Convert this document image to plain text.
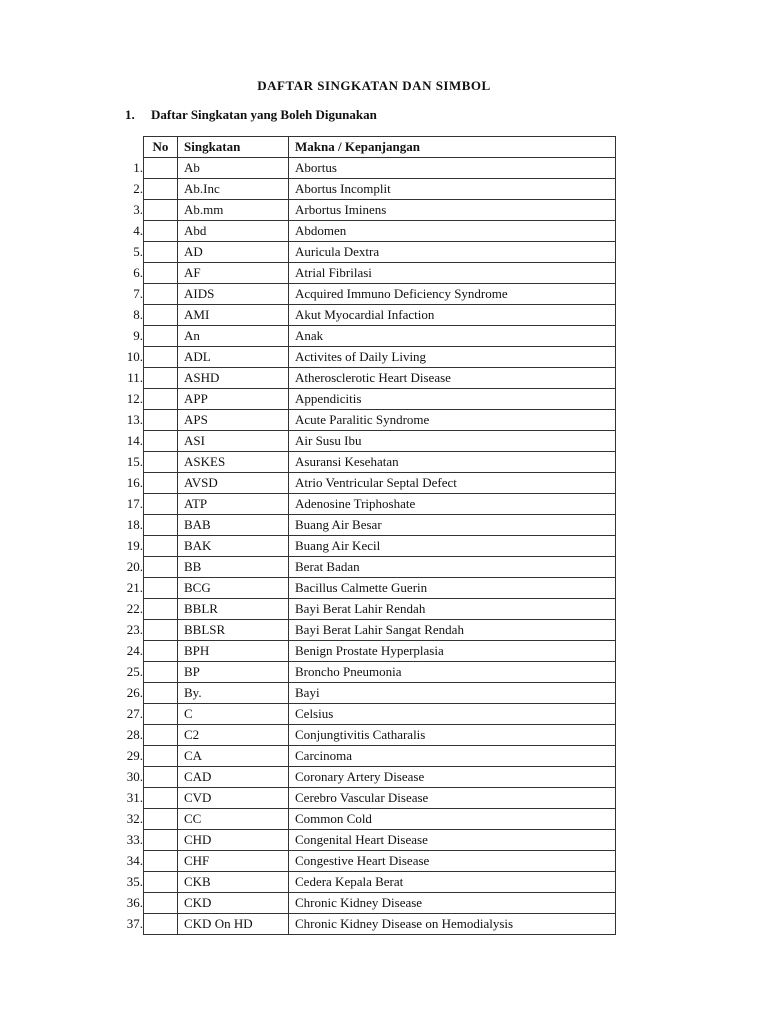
DAFTAR SINGKATAN DAN SIMBOL
1. Daftar Singkatan yang Boleh Digunakan
	No	Singkatan	Makna / Kepanjangan
1.		Ab	Abortus
2.		Ab.Inc	Abortus Incomplit
3.		Ab.mm	Arbortus Iminens
4.		Abd	Abdomen
5.		AD	Auricula Dextra
6.		AF	Atrial Fibrilasi
7.		AIDS	Acquired Immuno Deficiency Syndrome
8.		AMI	Akut Myocardial Infaction
9.		An	Anak
10.		ADL	Activites of Daily Living
11.		ASHD	Atherosclerotic Heart Disease
12.		APP	Appendicitis
13.		APS	Acute Paralitic Syndrome
14.		ASI	Air Susu Ibu
15.		ASKES	Asuransi Kesehatan
16.		AVSD	Atrio Ventricular Septal Defect
17.		ATP	Adenosine Triphoshate
18.		BAB	Buang Air Besar
19.		BAK	Buang Air Kecil
20.		BB	Berat Badan
21.		BCG	Bacillus Calmette Guerin
22.		BBLR	Bayi Berat Lahir Rendah
23.		BBLSR	Bayi Berat Lahir Sangat Rendah
24.		BPH	Benign Prostate Hyperplasia
25.		BP	Broncho Pneumonia
26.		By.	Bayi
27.		C	Celsius
28.		C2	Conjungtivitis Catharalis
29.		CA	Carcinoma
30.		CAD	Coronary Artery Disease
31.		CVD	Cerebro Vascular Disease
32.		CC	Common Cold
33.		CHD	Congenital Heart Disease
34.		CHF	Congestive Heart Disease
35.		CKB	Cedera Kepala Berat
36.		CKD	Chronic Kidney Disease
37.		CKD On HD	Chronic Kidney Disease on Hemodialysis
